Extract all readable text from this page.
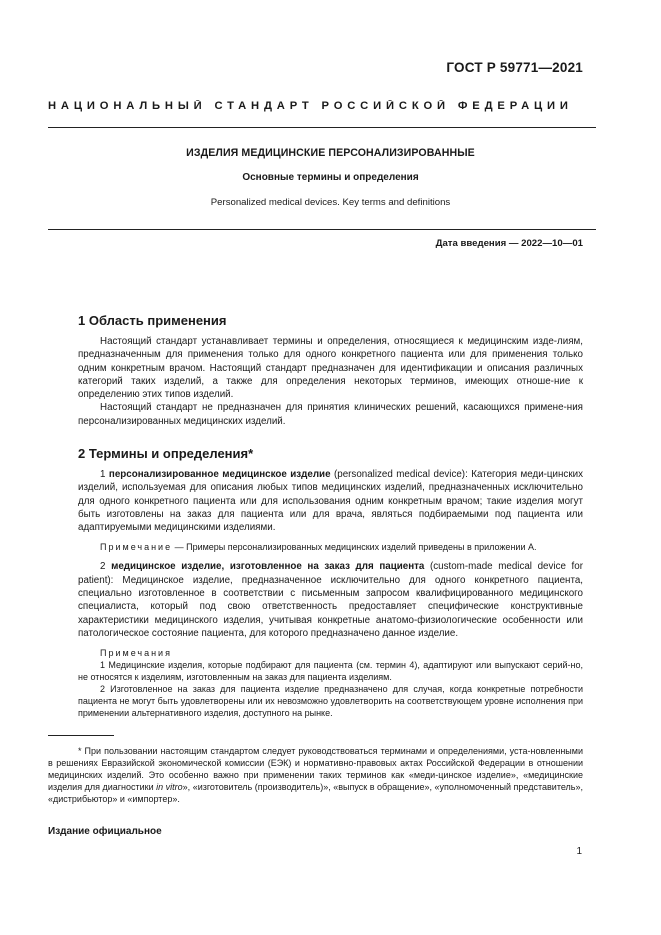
ГОСТ Р 59771—2021
НАЦИОНАЛЬНЫЙ СТАНДАРТ РОССИЙСКОЙ ФЕДЕРАЦИИ
ИЗДЕЛИЯ МЕДИЦИНСКИЕ ПЕРСОНАЛИЗИРОВАННЫЕ
Основные термины и определения
Personalized medical devices. Key terms and definitions
Дата введения — 2022—10—01
1 Область применения

Настоящий стандарт устанавливает термины и определения, относящиеся к медицинским изде-лиям, предназначенным для применения только для одного конкретного пациента или для применения только одним конкретным врачом. Настоящий стандарт предназначен для идентификации и описания различных категорий таких изделий, а также для определения некоторых терминов, имеющих отноше-ние к определению этих типов изделий.

Настоящий стандарт не предназначен для принятия клинических решений, касающихся примене-ния персонализированных медицинских изделий.

2 Термины и определения*

1 персонализированное медицинское изделие (personalized medical device): Категория меди-цинских изделий, используемая для описания любых типов медицинских изделий, предназначенных исключительно для одного конкретного пациента или для использования одним конкретным врачом; такие изделия могут быть изготовлены на заказ для пациента или для врача, являться подбираемыми под пациента или адаптируемыми медицинскими изделиями.

Примечание — Примеры персонализированных медицинских изделий приведены в приложении А.

2 медицинское изделие, изготовленное на заказ для пациента (custom-made medical device for patient): Медицинское изделие, предназначенное исключительно для одного конкретного пациента, специально изготовленное в соответствии с письменным запросом квалифицированного медицинского специалиста, который под свою ответственность предоставляет специфические конструктивные характеристики медицинского изделия, учитывая конкретные анатомо-физиологические особенности или патологическое состояние пациента, для которого предназначено данное изделие.

Примечания

1 Медицинские изделия, которые подбирают для пациента (см. термин 4), адаптируют или выпускают серий-но, не относятся к изделиям, изготовленным на заказ для пациента изделиям.

2 Изготовленное на заказ для пациента изделие предназначено для случая, когда конкретные потребности пациента не могут быть удовлетворены или их невозможно удовлетворить на соответствующем уровне исполнения при применении альтернативного изделия, доступного на рынке.

* При пользовании настоящим стандартом следует руководствоваться терминами и определениями, уста-новленными в решениях Евразийской экономической комиссии (ЕЭК) и нормативно-правовых актах Российской Федерации в отношении медицинских изделий. Это особенно важно при применении таких терминов как «меди-цинское изделие», «медицинские изделия для диагностики in vitro», «изготовитель (производитель)», «выпуск в обращение», «уполномоченный представитель», «дистрибьютор» и «импортер».

Издание официальное
1
